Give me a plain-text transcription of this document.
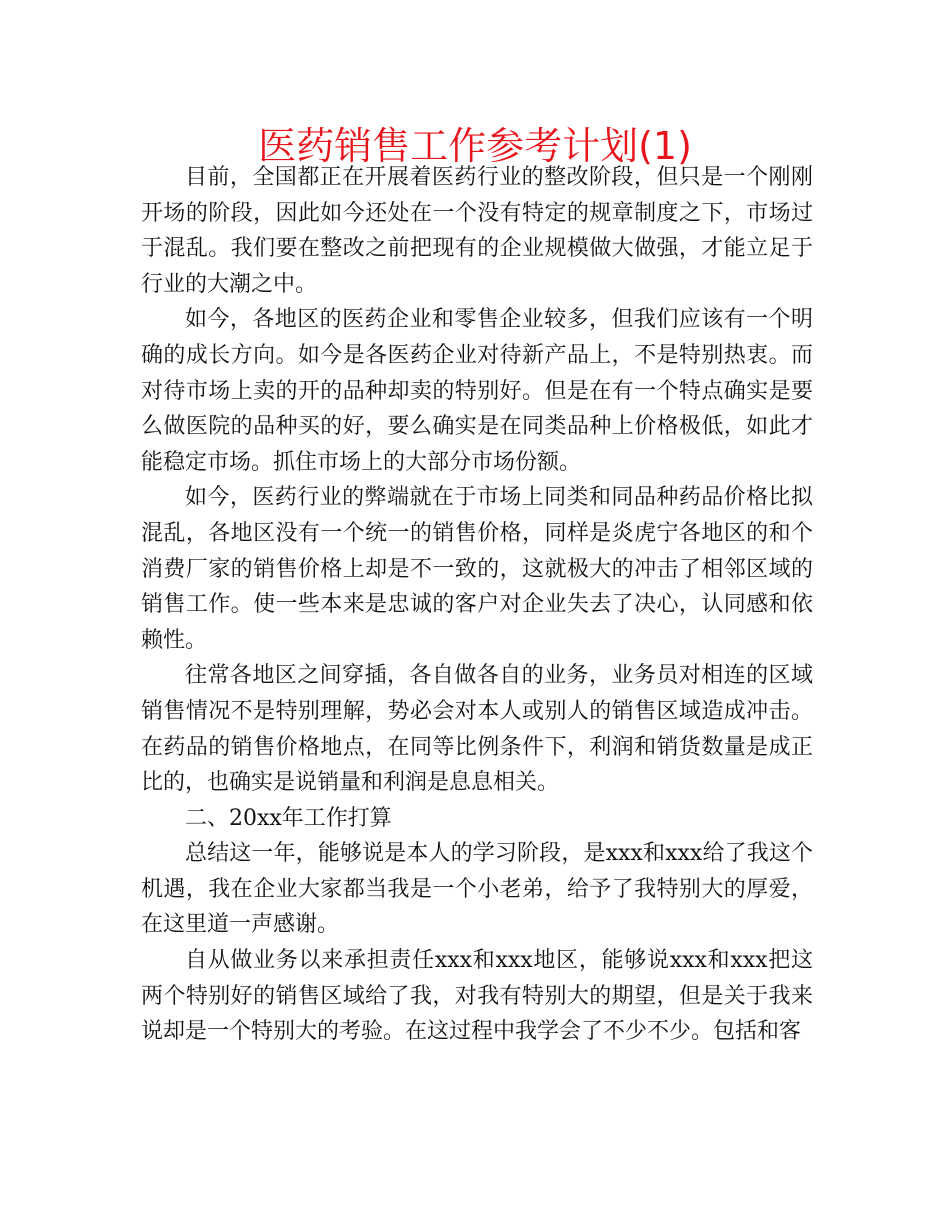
医药销售工作参考计划(1)

目前，全国都正在开展着医药行业的整改阶段，但只是一个刚刚开场的阶段，因此如今还处在一个没有特定的规章制度之下，市场过于混乱。我们要在整改之前把现有的企业规模做大做强，才能立足于行业的大潮之中。

如今，各地区的医药企业和零售企业较多，但我们应该有一个明确的成长方向。如今是各医药企业对待新产品上，不是特别热衷。而对待市场上卖的开的品种却卖的特别好。但是在有一个特点确实是要么做医院的品种买的好，要么确实是在同类品种上价格极低，如此才能稳定市场。抓住市场上的大部分市场份额。

如今，医药行业的弊端就在于市场上同类和同品种药品价格比拟混乱，各地区没有一个统一的销售价格，同样是炎虎宁各地区的和个消费厂家的销售价格上却是不一致的，这就极大的冲击了相邻区域的销售工作。使一些本来是忠诚的客户对企业失去了决心，认同感和依赖性。

往常各地区之间穿插，各自做各自的业务，业务员对相连的区域销售情况不是特别理解，势必会对本人或别人的销售区域造成冲击。在药品的销售价格地点，在同等比例条件下，利润和销货数量是成正比的，也确实是说销量和利润是息息相关。

二、20xx年工作打算

总结这一年，能够说是本人的学习阶段，是xxx和xxx给了我这个机遇，我在企业大家都当我是一个小老弟，给予了我特别大的厚爱，在这里道一声感谢。

自从做业务以来承担责任xxx和xxx地区，能够说xxx和xxx把这两个特别好的销售区域给了我，对我有特别大的期望，但是关于我来说却是一个特别大的考验。在这过程中我学会了不少不少。包括和客
